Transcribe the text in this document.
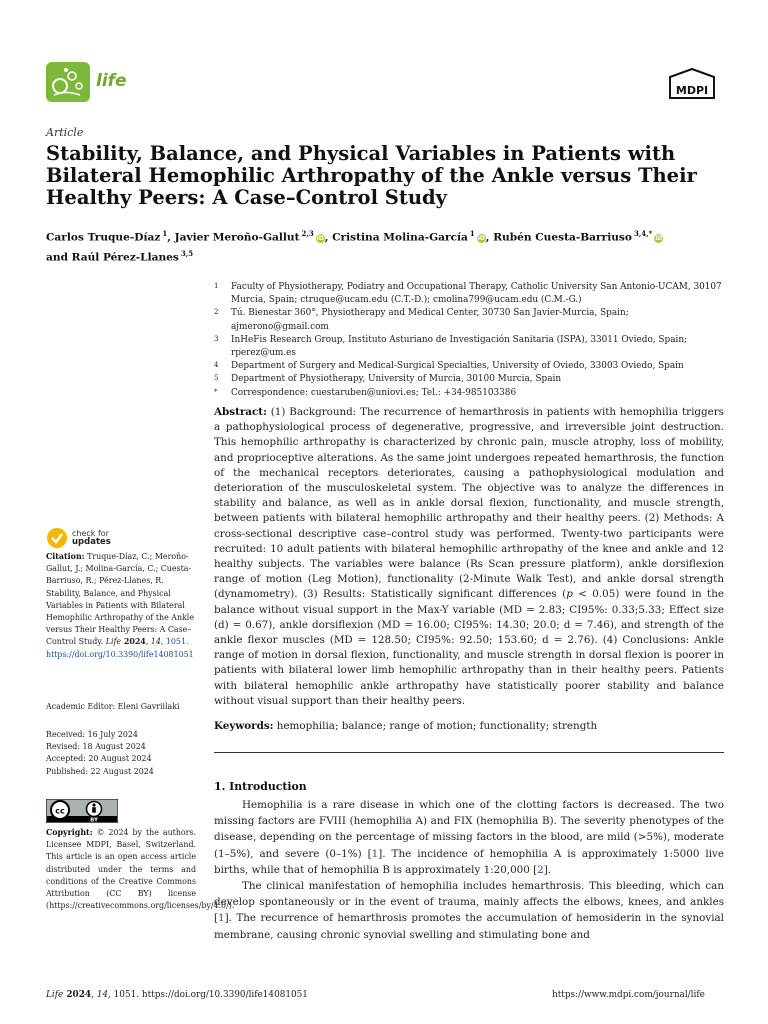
life	MDPI
Article
Stability, Balance, and Physical Variables in Patients with Bilateral Hemophilic Arthropathy of the Ankle versus Their Healthy Peers: A Case–Control Study
Carlos Truque-Díaz $^1$, Javier Meroño-Gallut $^{2,3}$iD, Cristina Molina-García $^1$iD, Rubén Cuesta-Barriuso $^{3,4,*}$iD
and Raúl Pérez-Llanes $^{3,5}$
1	Faculty of Physiotherapy, Podiatry and Occupational Therapy, Catholic University San Antonio-UCAM, 30107 Murcia, Spain; ctruque@ucam.edu (C.T.-D.); cmolina799@ucam.edu (C.M.-G.)
2	Tú. Bienestar 360°, Physiotherapy and Medical Center, 30730 San Javier-Murcia, Spain; ajmerono@gmail.com
3	InHeFis Research Group, Instituto Asturiano de Investigación Sanitaria (ISPA), 33011 Oviedo, Spain; rperez@um.es
4	Department of Surgery and Medical-Surgical Specialties, University of Oviedo, 33003 Oviedo, Spain
5	Department of Physiotherapy, University of Murcia, 30100 Murcia, Spain
*	Correspondence: cuestaruben@uniovi.es; Tel.: +34-985103386
Abstract: (1) Background: The recurrence of hemarthrosis in patients with hemophilia triggers a pathophysiological process of degenerative, progressive, and irreversible joint destruction. This hemophilic arthropathy is characterized by chronic pain, muscle atrophy, loss of mobility, and proprioceptive alterations. As the same joint undergoes repeated hemarthrosis, the function of the mechanical receptors deteriorates, causing a pathophysiological modulation and deterioration of the musculoskeletal system. The objective was to analyze the differences in stability and balance, as well as in ankle dorsal flexion, functionality, and muscle strength, between patients with bilateral hemophilic arthropathy and their healthy peers. (2) Methods: A cross-sectional descriptive case–control study was performed. Twenty-two participants were recruited: 10 adult patients with bilateral hemophilic arthropathy of the knee and ankle and 12 healthy subjects. The variables were balance (Rs Scan pressure platform), ankle dorsiflexion range of motion (Leg Motion), functionality (2-Minute Walk Test), and ankle dorsal strength (dynamometry). (3) Results: Statistically significant differences (p < 0.05) were found in the balance without visual support in the Max-Y variable (MD = 2.83; CI95%: 0.33;5.33; Effect size (d) = 0.67), ankle dorsiflexion (MD = 16.00; CI95%: 14.30; 20.0; d = 7.46), and strength of the ankle flexor muscles (MD = 128.50; CI95%: 92.50; 153.60; d = 2.76). (4) Conclusions: Ankle range of motion in dorsal flexion, functionality, and muscle strength in dorsal flexion is poorer in patients with bilateral lower limb hemophilic arthropathy than in their healthy peers. Patients with bilateral hemophilic ankle arthropathy have statistically poorer stability and balance without visual support than their healthy peers.
Keywords: hemophilia; balance; range of motion; functionality; strength
check for
updates
Citation: Truque-Díaz, C.; Meroño-Gallut, J.; Molina-García, C.; Cuesta-Barriuso, R.; Pérez-Llanes, R. Stability, Balance, and Physical Variables in Patients with Bilateral Hemophilic Arthropathy of the Ankle versus Their Healthy Peers: A Case–Control Study. Life 2024, 14, 1051. https://doi.org/10.3390/life14081051
Academic Editor: Eleni Gavriilaki
Received: 16 July 2024
Revised: 18 August 2024
Accepted: 20 August 2024
Published: 22 August 2024
cc
BY
Copyright: © 2024 by the authors. Licensee MDPI, Basel, Switzerland. This article is an open access article distributed under the terms and conditions of the Creative Commons Attribution (CC BY) license (https://creativecommons.org/licenses/by/4.0/).
1. Introduction

Hemophilia is a rare disease in which one of the clotting factors is decreased. The two missing factors are FVIII (hemophilia A) and FIX (hemophilia B). The severity phenotypes of the disease, depending on the percentage of missing factors in the blood, are mild (>5%), moderate (1–5%), and severe (0–1%) [1]. The incidence of hemophilia A is approximately 1:5000 live births, while that of hemophilia B is approximately 1:20,000 [2].

The clinical manifestation of hemophilia includes hemarthrosis. This bleeding, which can develop spontaneously or in the event of trauma, mainly affects the elbows, knees, and ankles [1]. The recurrence of hemarthrosis promotes the accumulation of hemosiderin in the synovial membrane, causing chronic synovial swelling and stimulating bone and

Life 2024, 14, 1051. https://doi.org/10.3390/life14081051	https://www.mdpi.com/journal/life
